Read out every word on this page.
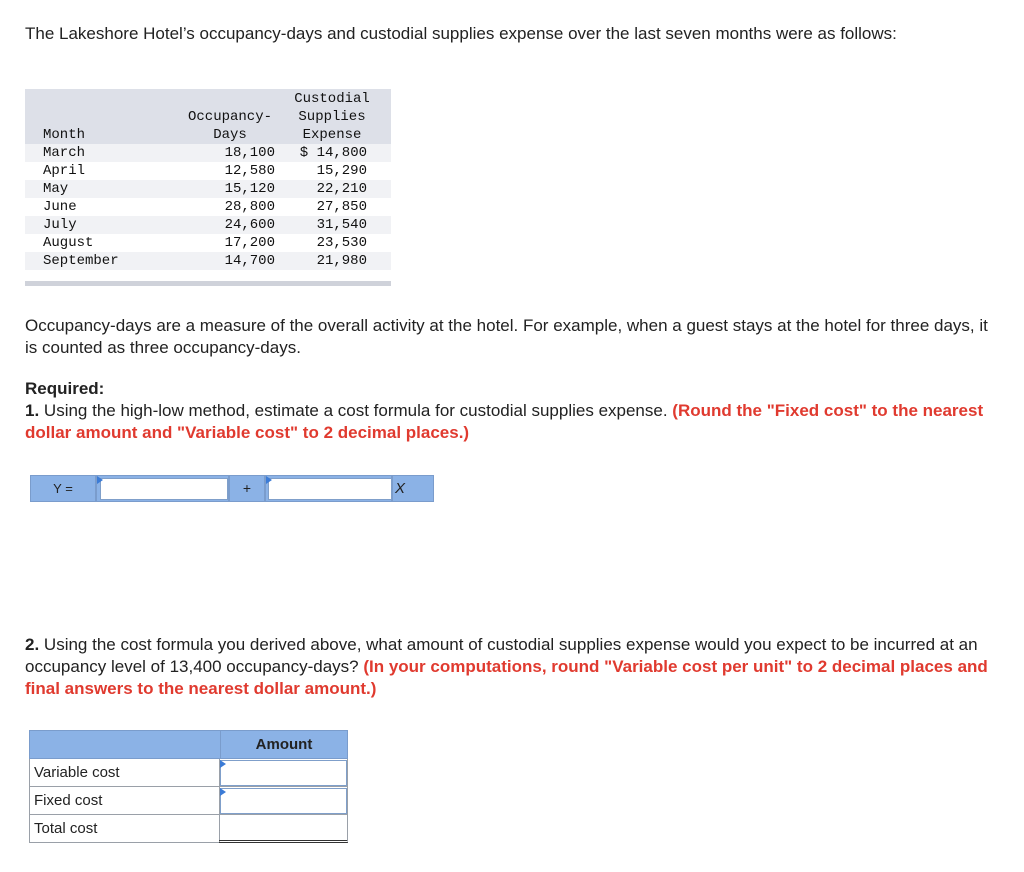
The Lakeshore Hotel’s occupancy-days and custodial supplies expense over the last seven months were as follows:
Month
Occupancy-
Days
Custodial
Supplies
Expense
March	18,100	$ 14,800
April	12,580	15,290
May	15,120	22,210
June	28,800	27,850
July	24,600	31,540
August	17,200	23,530
September	14,700	21,980
Occupancy-days are a measure of the overall activity at the hotel. For example, when a guest stays at the hotel for three days, it is counted as three occupancy-days.
Required:
1. Using the high-low method, estimate a cost formula for custodial supplies expense. (Round the "Fixed cost" to the nearest dollar amount and "Variable cost" to 2 decimal places.)
Y =	+	X
2. Using the cost formula you derived above, what amount of custodial supplies expense would you expect to be incurred at an occupancy level of 13,400 occupancy-days? (In your computations, round "Variable cost per unit" to 2 decimal places and final answers to the nearest dollar amount.)
Amount
Variable cost
Fixed cost
Total cost
